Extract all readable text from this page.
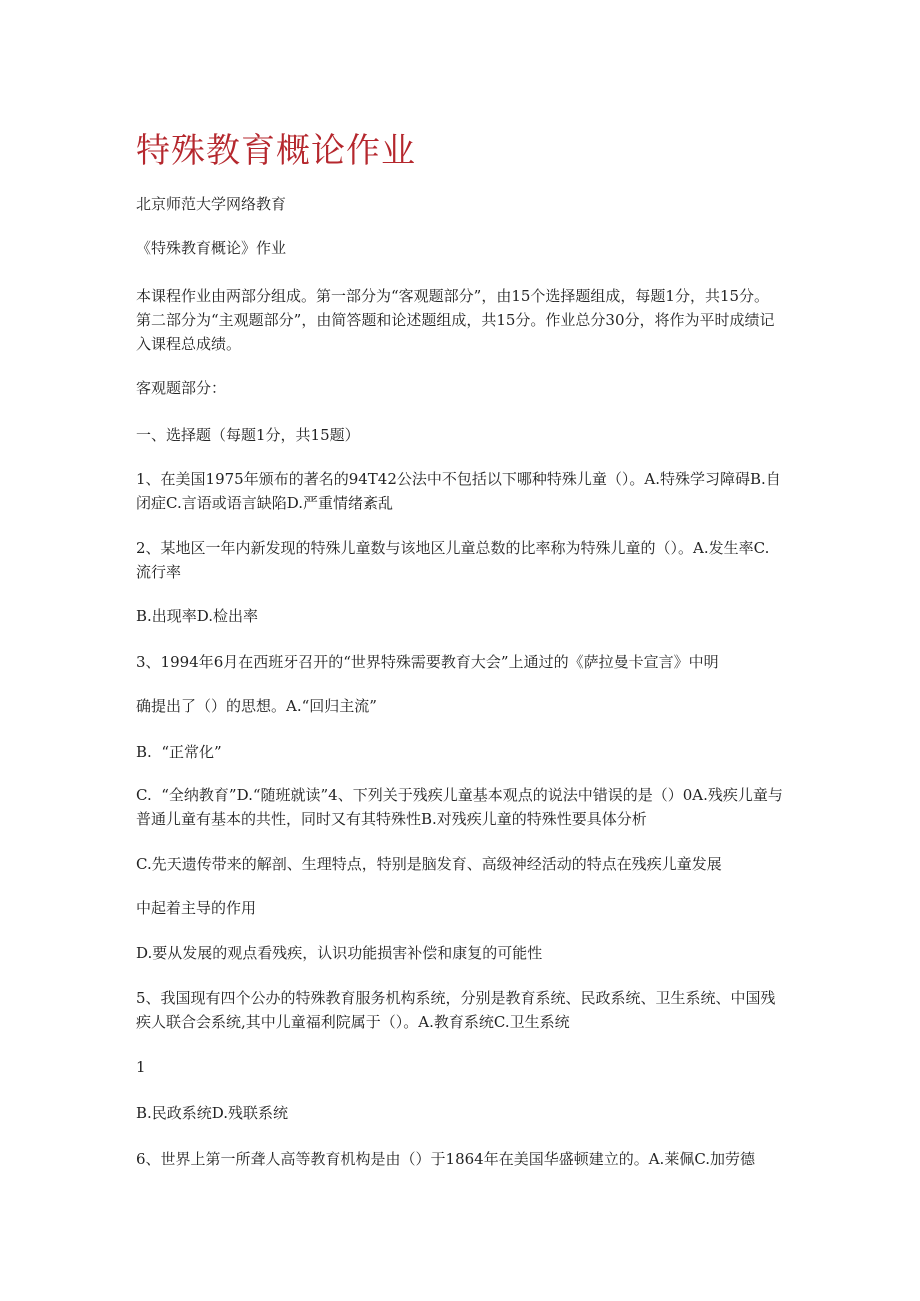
特殊教育概论作业

北京师范大学网络教育

《特殊教育概论》作业

本课程作业由两部分组成。第一部分为“客观题部分”，由15个选择题组成，每题1分，共15分。第二部分为“主观题部分”，由简答题和论述题组成，共15分。作业总分30分，将作为平时成绩记入课程总成绩。

客观题部分：

一、选择题（每题1分，共15题）

1、在美国1975年颁布的著名的94T42公法中不包括以下哪种特殊儿童（）。A.特殊学习障碍B.自闭症C.言语或语言缺陷D.严重情绪紊乱

2、某地区一年内新发现的特殊儿童数与该地区儿童总数的比率称为特殊儿童的（）。A.发生率C.流行率

B.出现率D.检出率

3、1994年6月在西班牙召开的“世界特殊需要教育大会”上通过的《萨拉曼卡宣言》中明

确提出了（）的思想。A.“回归主流”

B.  “正常化”

C.  “全纳教育”D.“随班就读”4、下列关于残疾儿童基本观点的说法中错误的是（）0A.残疾儿童与普通儿童有基本的共性，同时又有其特殊性B.对残疾儿童的特殊性要具体分析

C.先天遗传带来的解剖、生理特点，特别是脑发育、高级神经活动的特点在残疾儿童发展

中起着主导的作用

D.要从发展的观点看残疾，认识功能损害补偿和康复的可能性

5、我国现有四个公办的特殊教育服务机构系统，分别是教育系统、民政系统、卫生系统、中国残疾人联合会系统,其中儿童福利院属于（）。A.教育系统C.卫生系统

1

B.民政系统D.残联系统

6、世界上第一所聋人高等教育机构是由（）于1864年在美国华盛顿建立的。A.莱佩C.加劳德
